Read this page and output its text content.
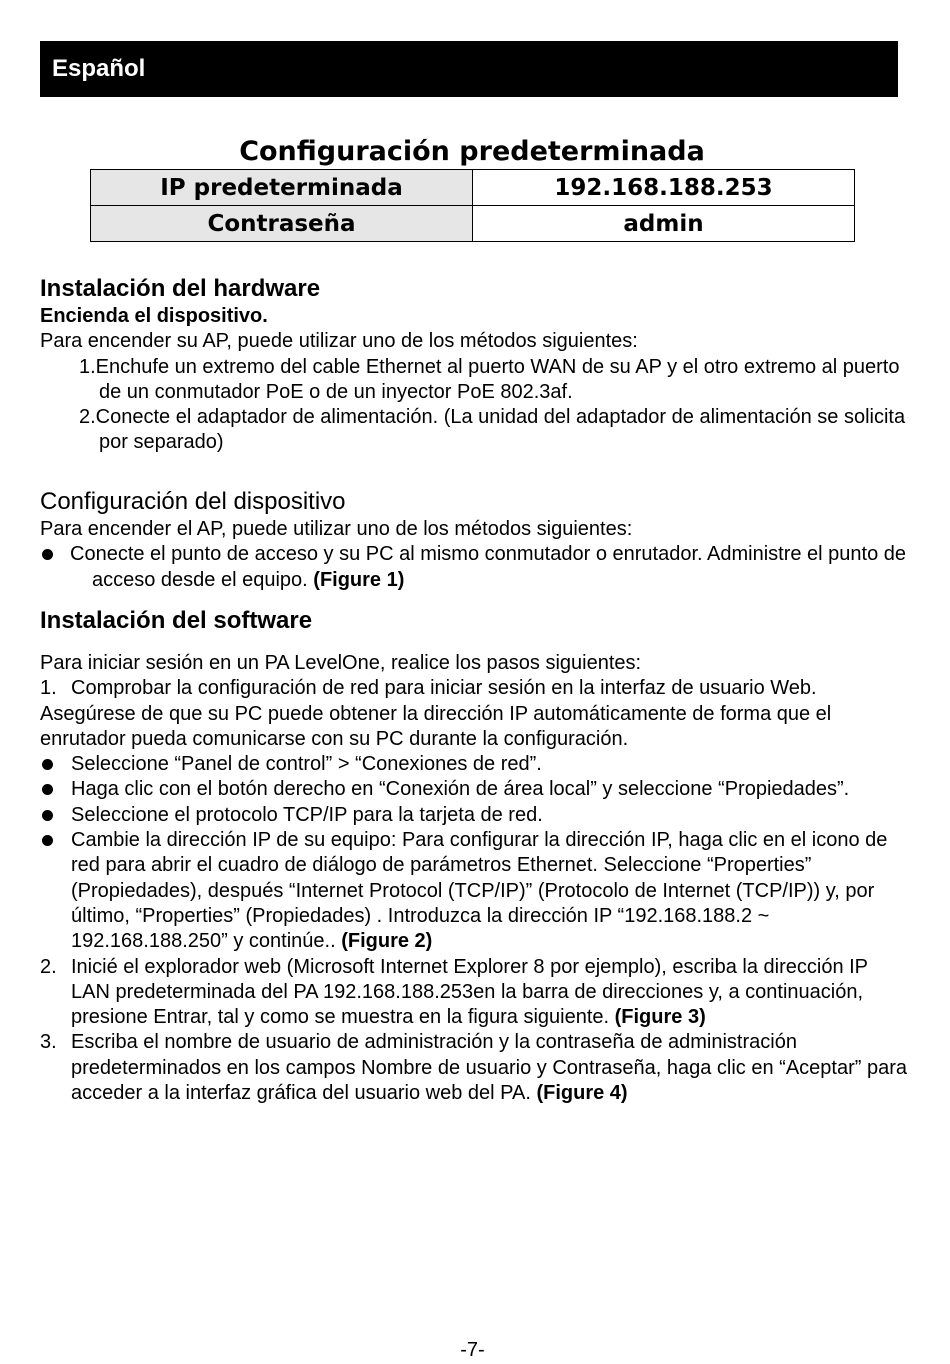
Español
Configuración predeterminada
IP predeterminada	192.168.188.253
Contraseña	admin
Instalación del hardware

Encienda el dispositivo.

Para encender su AP, puede utilizar uno de los métodos siguientes:

1.Enchufe un extremo del cable Ethernet al puerto WAN de su AP y el otro extremo al puerto de un conmutador PoE o de un inyector PoE 802.3af.

2.Conecte el adaptador de alimentación. (La unidad del adaptador de alimentación se solicita por separado)

Configuración del dispositivo

Para encender el AP, puede utilizar uno de los métodos siguientes:

Conecte el punto de acceso y su PC al mismo conmutador o enrutador. Administre el punto de acceso desde el equipo. (Figure 1)

Instalación del software

Para iniciar sesión en un PA LevelOne, realice los pasos siguientes:

1. Comprobar la configuración de red para iniciar sesión en la interfaz de usuario Web.

Asegúrese de que su PC puede obtener la dirección IP automáticamente de forma que el enrutador pueda comunicarse con su PC durante la configuración.

Seleccione “Panel de control” > “Conexiones de red”.

Haga clic con el botón derecho en “Conexión de área local” y seleccione “Propiedades”.

Seleccione el protocolo TCP/IP para la tarjeta de red.

Cambie la dirección IP de su equipo: Para configurar la dirección IP, haga clic en el icono de red para abrir el cuadro de diálogo de parámetros Ethernet. Seleccione “Properties” (Propiedades), después “Internet Protocol (TCP/IP)” (Protocolo de Internet (TCP/IP)) y, por último, “Properties” (Propiedades) . Introduzca la dirección IP “192.168.188.2 ~ 192.168.188.250” y continúe.. (Figure 2)

2. Inicié el explorador web (Microsoft Internet Explorer 8 por ejemplo), escriba la dirección IP LAN predeterminada del PA 192.168.188.253en la barra de direcciones y, a continuación, presione Entrar, tal y como se muestra en la figura siguiente. (Figure 3)

3. Escriba el nombre de usuario de administración y la contraseña de administración predeterminados en los campos Nombre de usuario y Contraseña, haga clic en “Aceptar” para acceder a la interfaz gráfica del usuario web del PA. (Figure 4)

-7-
